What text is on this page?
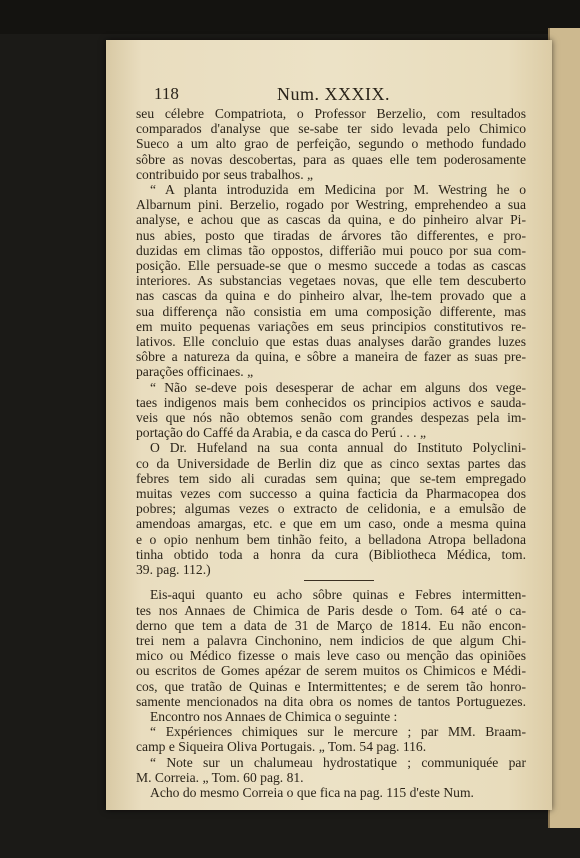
118	Num. XXXIX.
seu célebre Compatriota, o Professor Berzelio, com resultados
comparados d'analyse que se-sabe ter sido levada pelo Chimico
Sueco a um alto grao de perfeição, segundo o methodo fundado
sôbre as novas descobertas, para as quaes elle tem poderosamente
contribuido por seus trabalhos. „
“ A planta introduzida em Medicina por M. Westring he o
Albarnum pini. Berzelio, rogado por Westring, emprehendeo a sua
analyse, e achou que as cascas da quina, e do pinheiro alvar Pi-
nus abies, posto que tiradas de árvores tão differentes, e pro-
duzidas em climas tão oppostos, differião mui pouco por sua com-
posição. Elle persuade-se que o mesmo succede a todas as cascas
interiores. As substancias vegetaes novas, que elle tem descuberto
nas cascas da quina e do pinheiro alvar, lhe-tem provado que a
sua differença não consistia em uma composição differente, mas
em muito pequenas variações em seus principios constitutivos re-
lativos. Elle concluio que estas duas analyses darão grandes luzes
sôbre a natureza da quina, e sôbre a maneira de fazer as suas pre-
parações officinaes. „
“ Não se-deve pois desesperar de achar em alguns dos vege-
taes indigenos mais bem conhecidos os principios activos e sauda-
veis que nós não obtemos senão com grandes despezas pela im-
portação do Caffé da Arabia, e da casca do Perú . . . „
O Dr. Hufeland na sua conta annual do Instituto Polyclini-
co da Universidade de Berlin diz que as cinco sextas partes das
febres tem sido ali curadas sem quina; que se-tem empregado
muitas vezes com successo a quina facticia da Pharmacopea dos
pobres; algumas vezes o extracto de celidonia, e a emulsão de
amendoas amargas, etc. e que em um caso, onde a mesma quina
e o opio nenhum bem tinhão feito, a belladona Atropa belladona
tinha obtido toda a honra da cura (Bibliotheca Médica, tom.
39. pag. 112.)
Eis-aqui quanto eu acho sôbre quinas e Febres intermitten-
tes nos Annaes de Chimica de Paris desde o Tom. 64 até o ca-
derno que tem a data de 31 de Março de 1814. Eu não encon-
trei nem a palavra Cinchonino, nem indicios de que algum Chi-
mico ou Médico fizesse o mais leve caso ou menção das opiniões
ou escritos de Gomes apézar de serem muitos os Chimicos e Médi-
cos, que tratão de Quinas e Intermittentes; e de serem tão honro-
samente mencionados na dita obra os nomes de tantos Portuguezes.
Encontro nos Annaes de Chimica o seguinte :
“ Expériences chimiques sur le mercure ; par MM. Braam-
camp e Siqueira Oliva Portugais. „ Tom. 54 pag. 116.
“ Note sur un chalumeau hydrostatique ; communiquée par
M. Correia. „ Tom. 60 pag. 81.
Acho do mesmo Correia o que fica na pag. 115 d'este Num.
